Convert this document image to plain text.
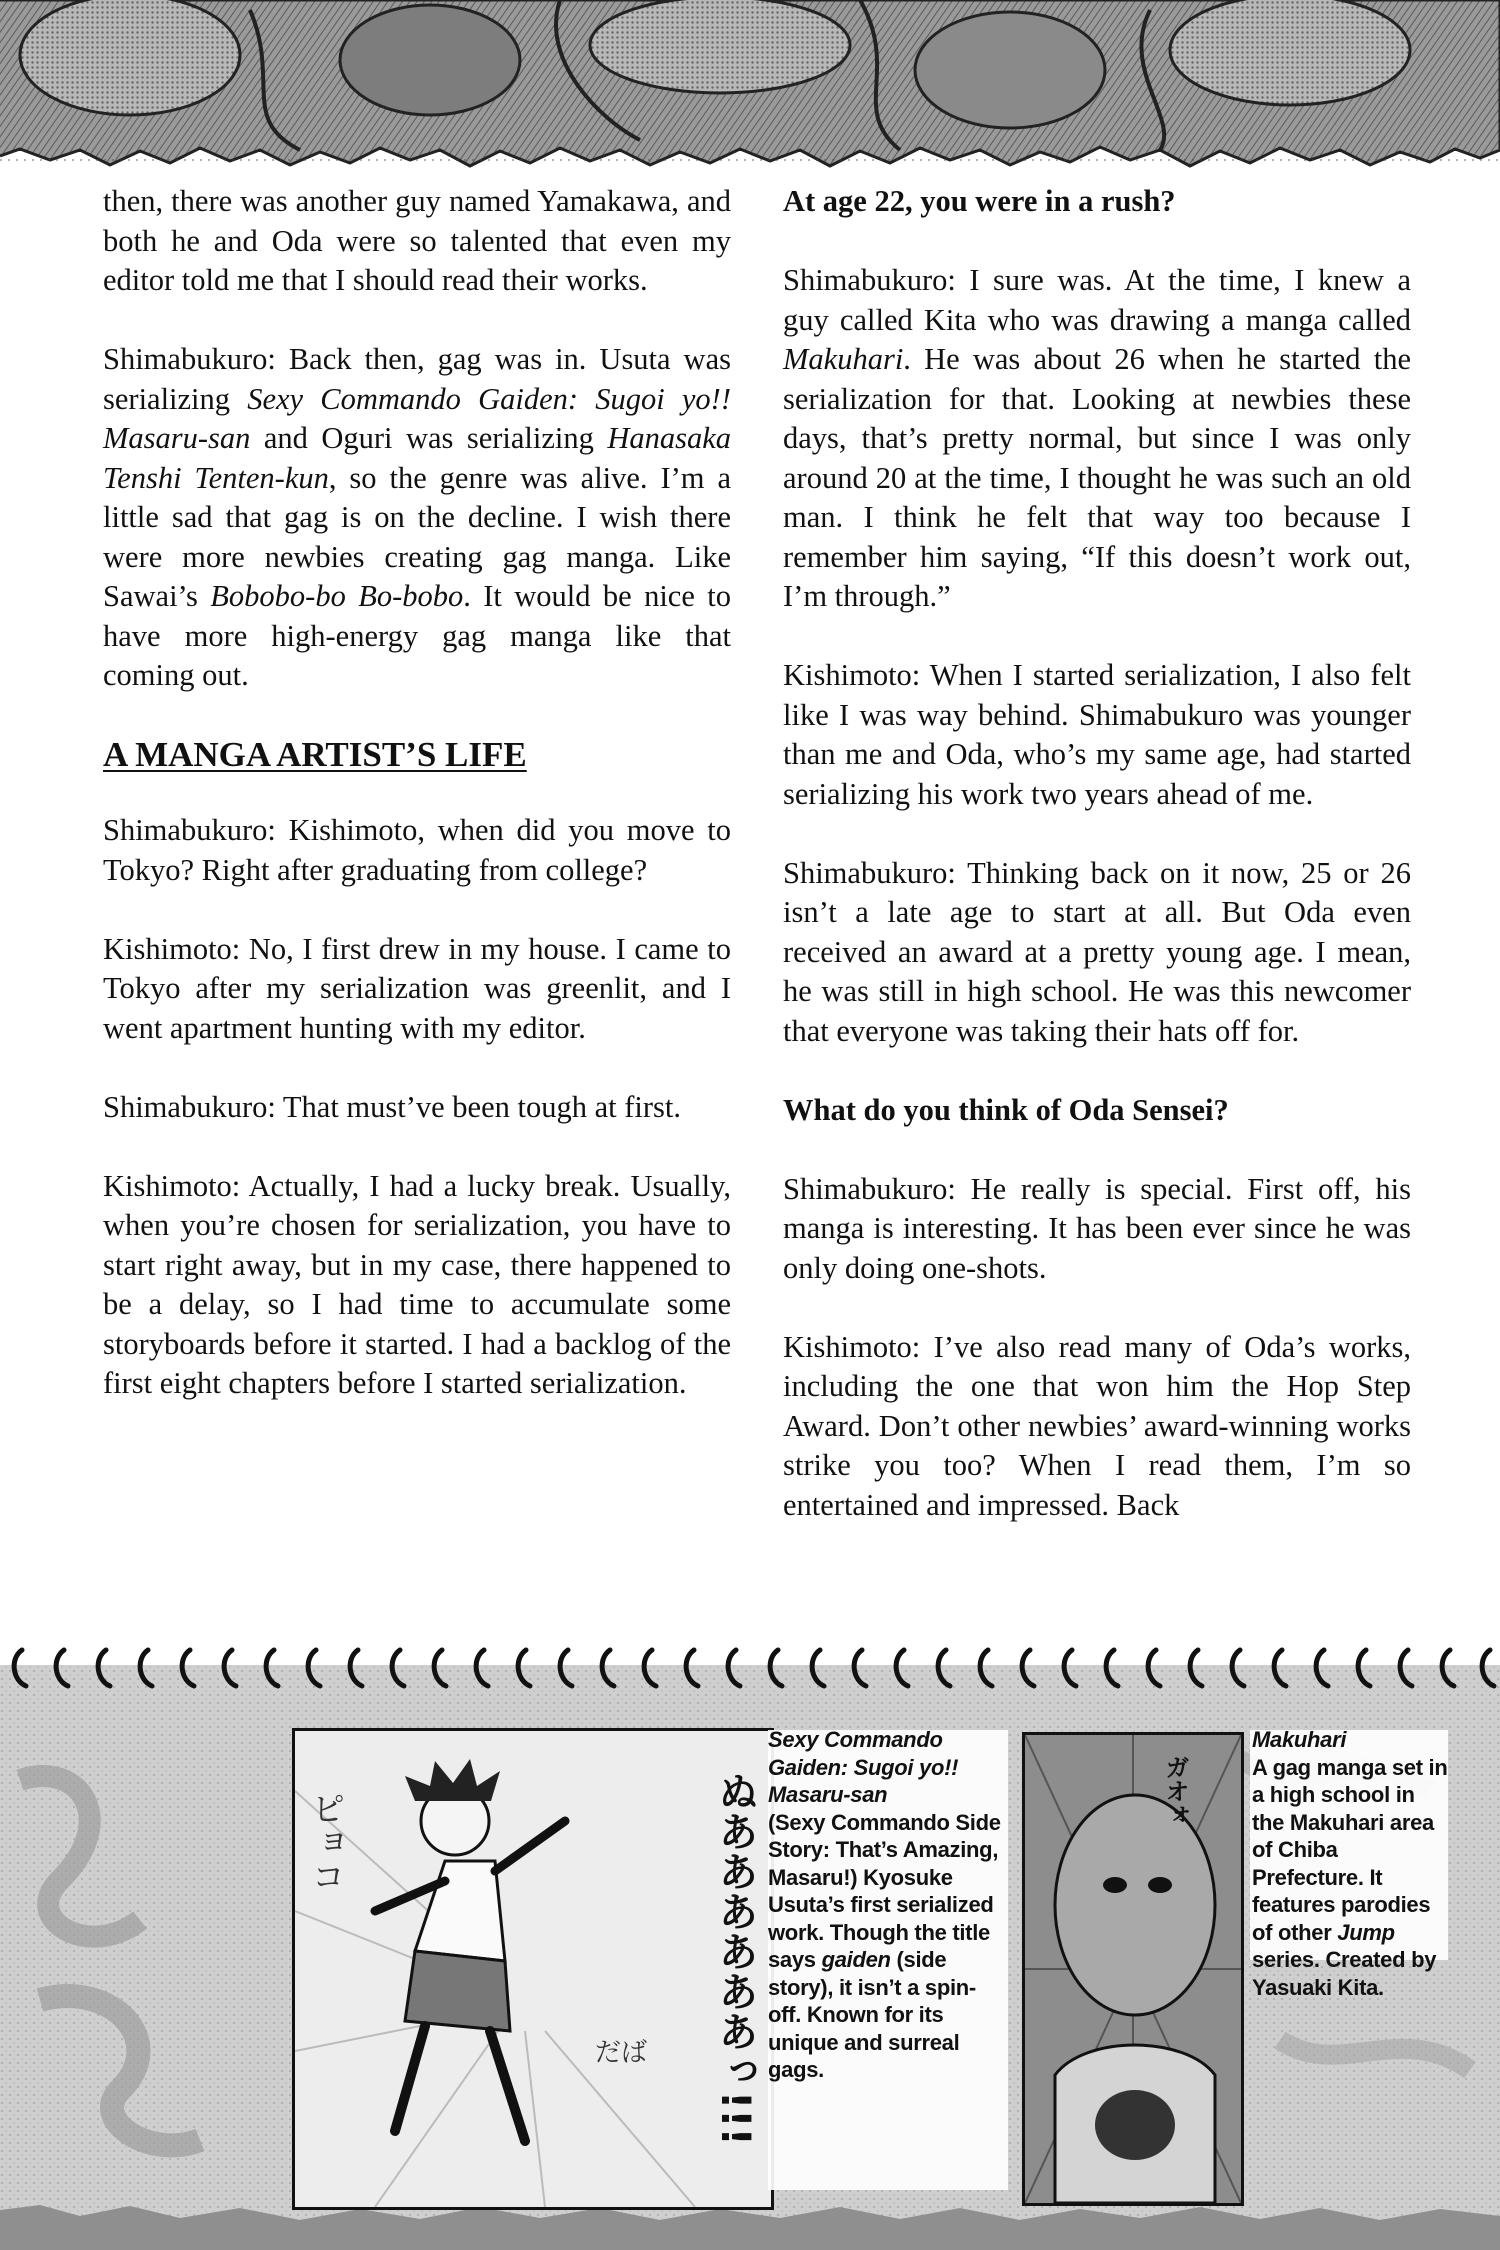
then, there was another guy named Yamakawa, and both he and Oda were so talented that even my editor told me that I should read their works.

Shimabukuro: Back then, gag was in. Usuta was serializing Sexy Commando Gaiden: Sugoi yo!! Masaru-san and Oguri was serializing Hanasaka Tenshi Tenten-kun, so the genre was alive. I’m a little sad that gag is on the decline. I wish there were more newbies creating gag manga. Like Sawai’s Bobobo-bo Bo-bobo. It would be nice to have more high-energy gag manga like that coming out.

A MANGA ARTIST’S LIFE

Shimabukuro: Kishimoto, when did you move to Tokyo? Right after graduating from college?

Kishimoto: No, I first drew in my house. I came to Tokyo after my serialization was greenlit, and I went apartment hunting with my editor.

Shimabukuro: That must’ve been tough at first.

Kishimoto: Actually, I had a lucky break. Usually, when you’re chosen for serialization, you have to start right away, but in my case, there happened to be a delay, so I had time to accumulate some storyboards before it started. I had a backlog of the first eight chapters before I started serialization.

At age 22, you were in a rush?

Shimabukuro: I sure was. At the time, I knew a guy called Kita who was drawing a manga called Makuhari. He was about 26 when he started the serialization for that. Looking at newbies these days, that’s pretty normal, but since I was only around 20 at the time, I thought he was such an old man. I think he felt that way too because I remember him saying, “If this doesn’t work out, I’m through.”

Kishimoto: When I started serialization, I also felt like I was way behind. Shimabukuro was younger than me and Oda, who’s my same age, had started serializing his work two years ahead of me.

Shimabukuro: Thinking back on it now, 25 or 26 isn’t a late age to start at all. But Oda even received an award at a pretty young age. I mean, he was still in high school. He was this newcomer that everyone was taking their hats off for.

What do you think of Oda Sensei?

Shimabukuro: He really is special. First off, his manga is interesting. It has been ever since he was only doing one-shots.

Kishimoto: I’ve also read many of Oda’s works, including the one that won him the Hop Step Award. Don’t other newbies’ award-winning works strike you too? When I read them, I’m so entertained and impressed. Back

ぬああああああっ!!!
ピョコ
だば
Sexy Commando Gaiden: Sugoi yo!! Masaru-san
(Sexy Commando Side Story: That’s Amazing, Masaru!) Kyosuke Usuta’s first serialized work. Though the title says gaiden (side story), it isn’t a spin-off. Known for its unique and surreal gags.
ガオォ
Makuhari
A gag manga set in a high school in the Makuhari area of Chiba Prefecture. It features parodies of other Jump series. Created by Yasuaki Kita.
